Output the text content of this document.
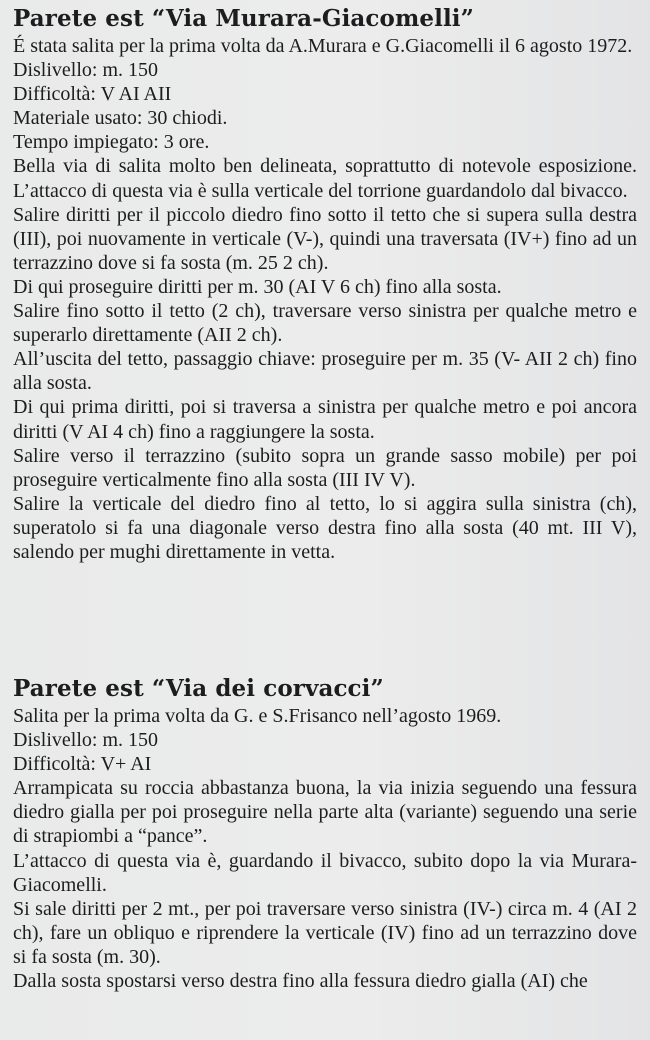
Parete est “Via Murara-Giacomelli”

É stata salita per la prima volta da A.Murara e G.Giacomelli il 6 agosto 1972.

Dislivello: m. 150

Difficoltà: V AI AII

Materiale usato: 30 chiodi.

Tempo impiegato: 3 ore.

Bella via di salita molto ben delineata, soprattutto di notevole esposizione. L’attacco di questa via è sulla verticale del torrione guardandolo dal bivacco.

Salire diritti per il piccolo diedro fino sotto il tetto che si supera sulla destra (III), poi nuovamente in verticale (V-), quindi una traversata (IV+) fino ad un terrazzino dove si fa sosta (m. 25 2 ch).

Di qui proseguire diritti per m. 30 (AI V 6 ch) fino alla sosta.

Salire fino sotto il tetto (2 ch), traversare verso sinistra per qualche metro e superarlo direttamente (AII 2 ch).

All’uscita del tetto, passaggio chiave: proseguire per m. 35 (V- AII 2 ch) fino alla sosta.

Di qui prima diritti, poi si traversa a sinistra per qualche metro e poi ancora diritti (V AI 4 ch) fino a raggiungere la sosta.

Salire verso il terrazzino (subito sopra un grande sasso mobile) per poi proseguire verticalmente fino alla sosta (III IV V).

Salire la verticale del diedro fino al tetto, lo si aggira sulla sinistra (ch), superatolo si fa una diagonale verso destra fino alla sosta (40 mt. III V), salendo per mughi direttamente in vetta.

Parete est “Via dei corvacci”

Salita per la prima volta da G. e S.Frisanco nell’agosto 1969.

Dislivello: m. 150

Difficoltà: V+ AI

Arrampicata su roccia abbastanza buona, la via inizia seguendo una fessura diedro gialla per poi proseguire nella parte alta (variante) seguendo una serie di strapiombi a “pance”.

L’attacco di questa via è, guardando il bivacco, subito dopo la via Murara-Giacomelli.

Si sale diritti per 2 mt., per poi traversare verso sinistra (IV-) circa m. 4 (AI 2 ch), fare un obliquo e riprendere la verticale (IV) fino ad un terrazzino dove si fa sosta (m. 30).

Dalla sosta spostarsi verso destra fino alla fessura diedro gialla (AI) che
